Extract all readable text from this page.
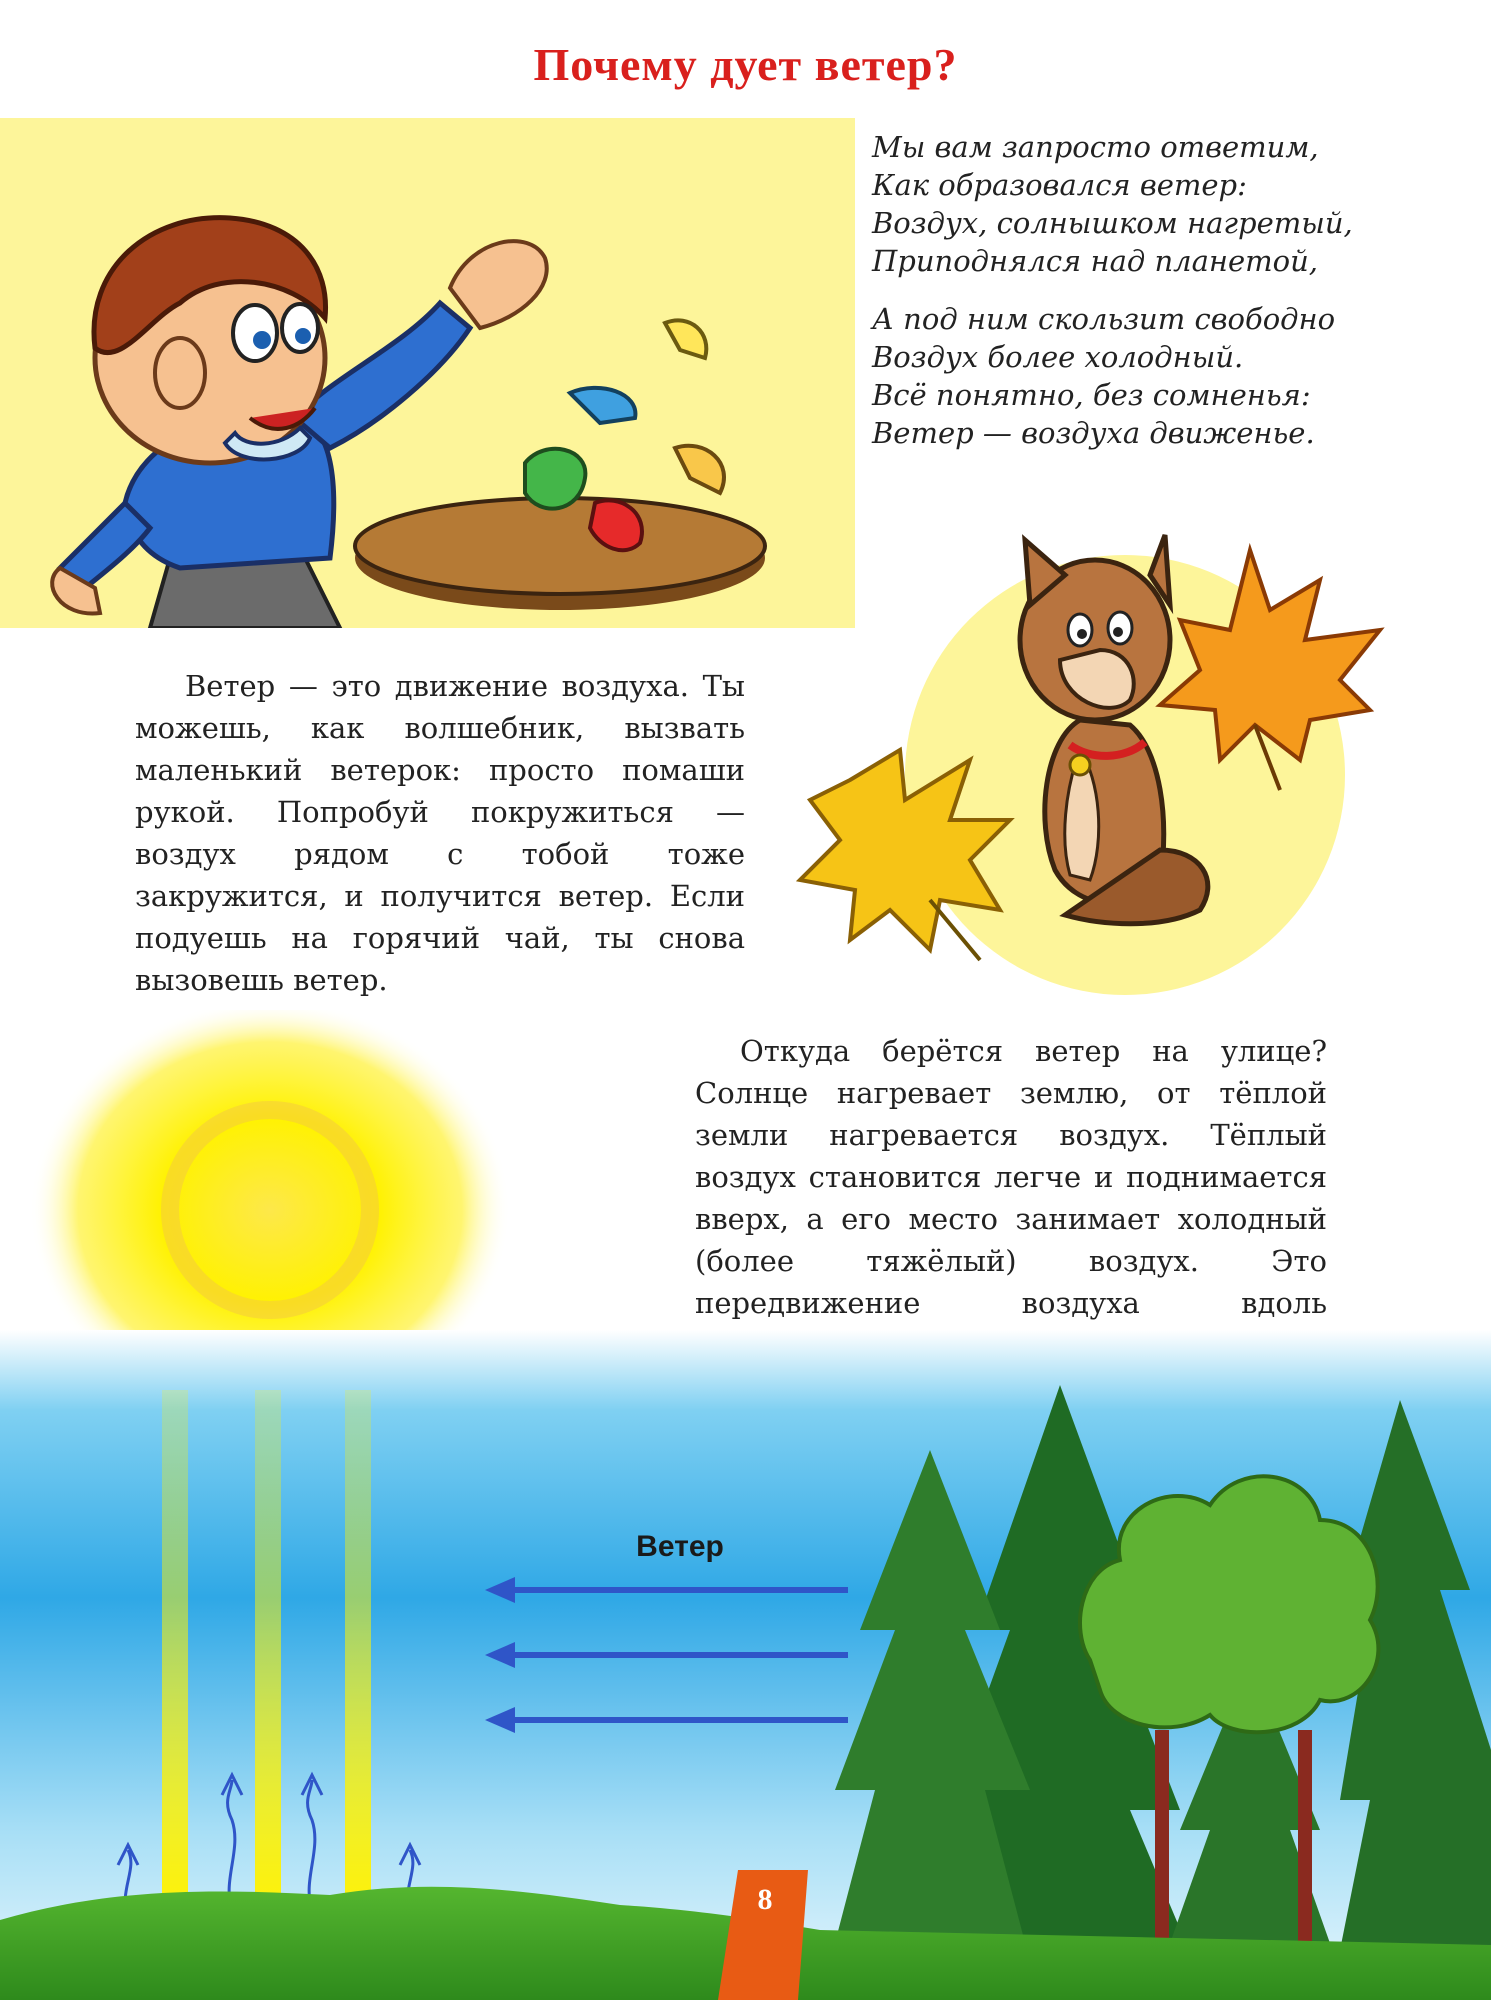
Почему дует ветер?
Мы вам запросто ответим,
Как образовался ветер:
Воздух, солнышком нагретый,
Приподнялся над планетой,
А под ним скользит свободно
Воздух более холодный.
Всё понятно, без сомненья:
Ветер — воздуха движенье.
Ветер — это движение воздуха. Ты можешь, как волшебник, вызвать маленький ветерок: просто помаши рукой. Попробуй покружиться — воздух рядом с тобой тоже закружится, и получится ветер. Если подуешь на горячий чай, ты снова вызовешь ветер.
Откуда берётся ветер на улице? Солнце нагревает землю, от тёплой земли нагревается воздух. Тёплый воздух становится легче и поднимается вверх, а его место занимает холодный (более тяжёлый) воздух. Это передвижение воздуха вдоль
Ветер
8
